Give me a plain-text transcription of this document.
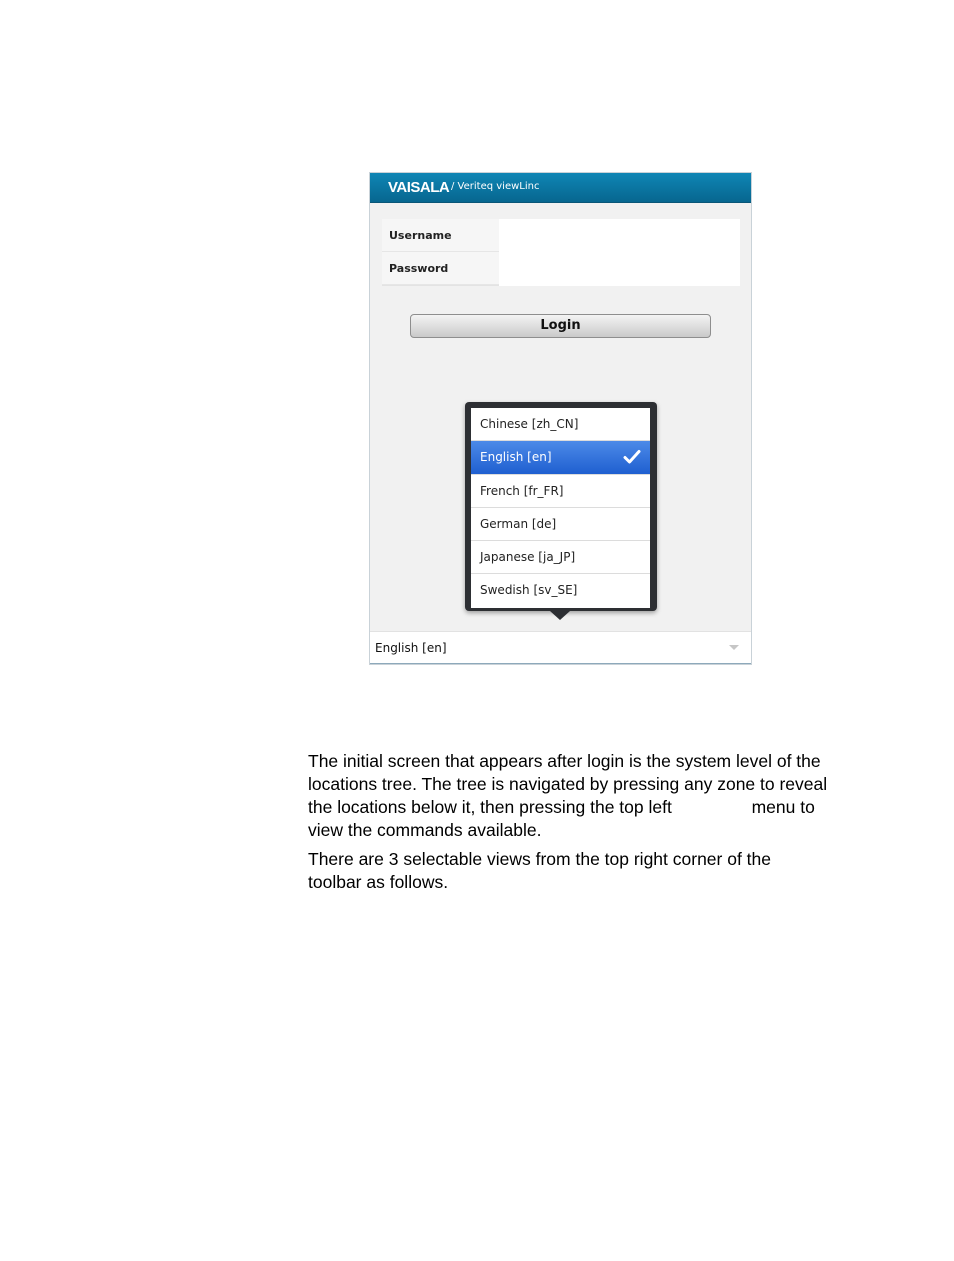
VAISALA / Veriteq viewLinc
Username
Password
Login
Chinese [zh_CN]
English [en]
French [fr_FR]
German [de]
Japanese [ja_JP]
Swedish [sv_SE]
English [en]

The initial screen that appears after login is the system level of the locations tree. The tree is navigated by pressing any zone to reveal the locations below it, then pressing the top left	menu to view the commands available.

There are 3 selectable views from the top right corner of the toolbar as follows.
